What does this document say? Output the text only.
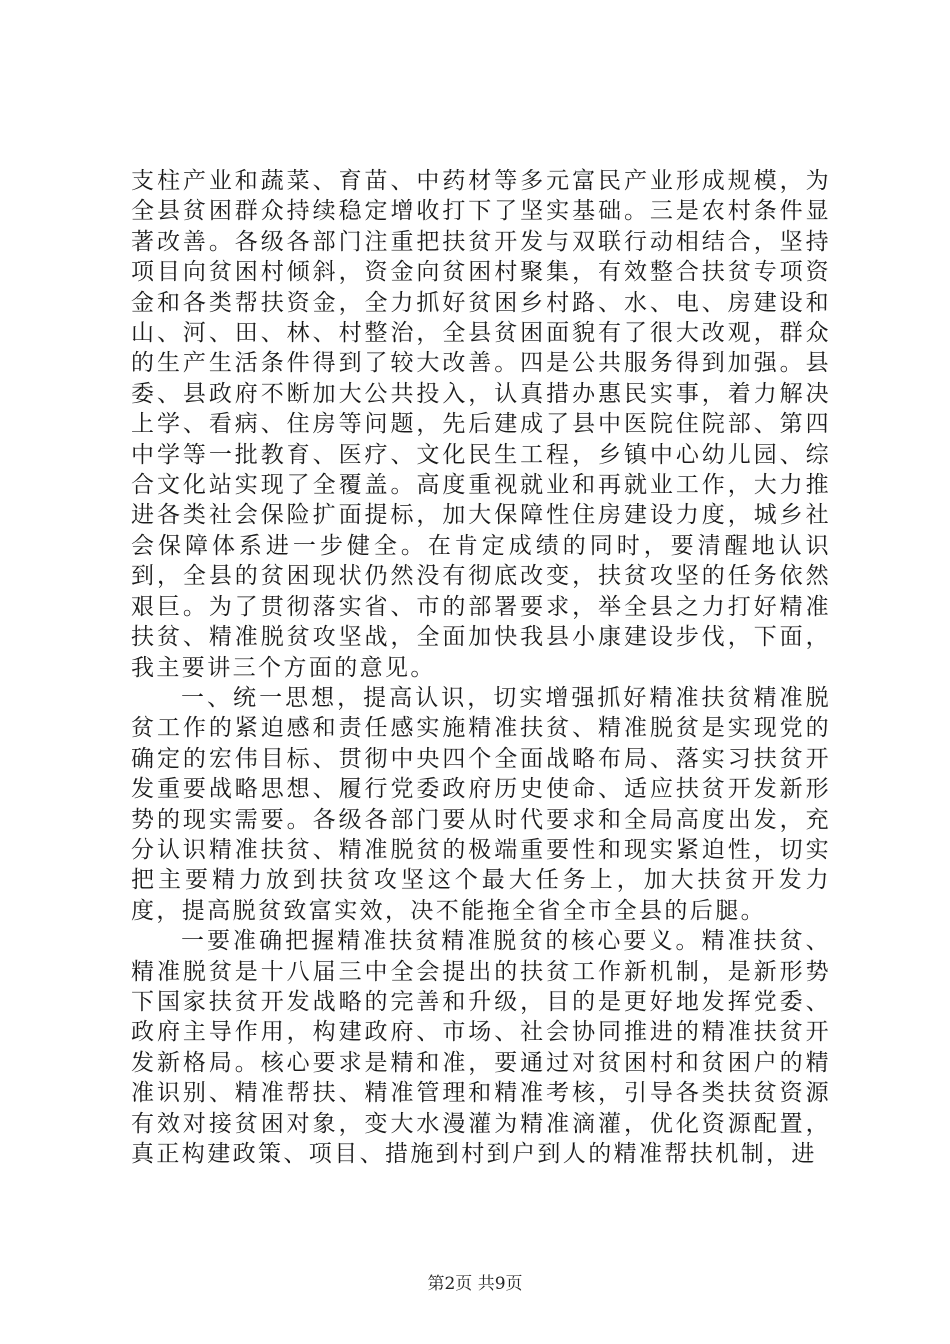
支柱产业和蔬菜、育苗、中药材等多元富民产业形成规模，为全县贫困群众持续稳定增收打下了坚实基础。三是农村条件显著改善。各级各部门注重把扶贫开发与双联行动相结合，坚持项目向贫困村倾斜，资金向贫困村聚集，有效整合扶贫专项资金和各类帮扶资金，全力抓好贫困乡村路、水、电、房建设和山、河、田、林、村整治，全县贫困面貌有了很大改观，群众的生产生活条件得到了较大改善。四是公共服务得到加强。县委、县政府不断加大公共投入，认真措办惠民实事，着力解决上学、看病、住房等问题，先后建成了县中医院住院部、第四中学等一批教育、医疗、文化民生工程，乡镇中心幼儿园、综合文化站实现了全覆盖。高度重视就业和再就业工作，大力推进各类社会保险扩面提标，加大保障性住房建设力度，城乡社会保障体系进一步健全。在肯定成绩的同时，要清醒地认识到，全县的贫困现状仍然没有彻底改变，扶贫攻坚的任务依然艰巨。为了贯彻落实省、市的部署要求，举全县之力打好精准扶贫、精准脱贫攻坚战，全面加快我县小康建设步伐，下面，我主要讲三个方面的意见。

一、统一思想，提高认识，切实增强抓好精准扶贫精准脱贫工作的紧迫感和责任感实施精准扶贫、精准脱贫是实现党的确定的宏伟目标、贯彻中央四个全面战略布局、落实习扶贫开发重要战略思想、履行党委政府历史使命、适应扶贫开发新形势的现实需要。各级各部门要从时代要求和全局高度出发，充分认识精准扶贫、精准脱贫的极端重要性和现实紧迫性，切实把主要精力放到扶贫攻坚这个最大任务上，加大扶贫开发力度，提高脱贫致富实效，决不能拖全省全市全县的后腿。

一要准确把握精准扶贫精准脱贫的核心要义。精准扶贫、精准脱贫是十八届三中全会提出的扶贫工作新机制，是新形势下国家扶贫开发战略的完善和升级，目的是更好地发挥党委、政府主导作用，构建政府、市场、社会协同推进的精准扶贫开发新格局。核心要求是精和准，要通过对贫困村和贫困户的精准识别、精准帮扶、精准管理和精准考核，引导各类扶贫资源有效对接贫困对象，变大水漫灌为精准滴灌，优化资源配置，真正构建政策、项目、措施到村到户到人的精准帮扶机制，进

第2页 共9页
